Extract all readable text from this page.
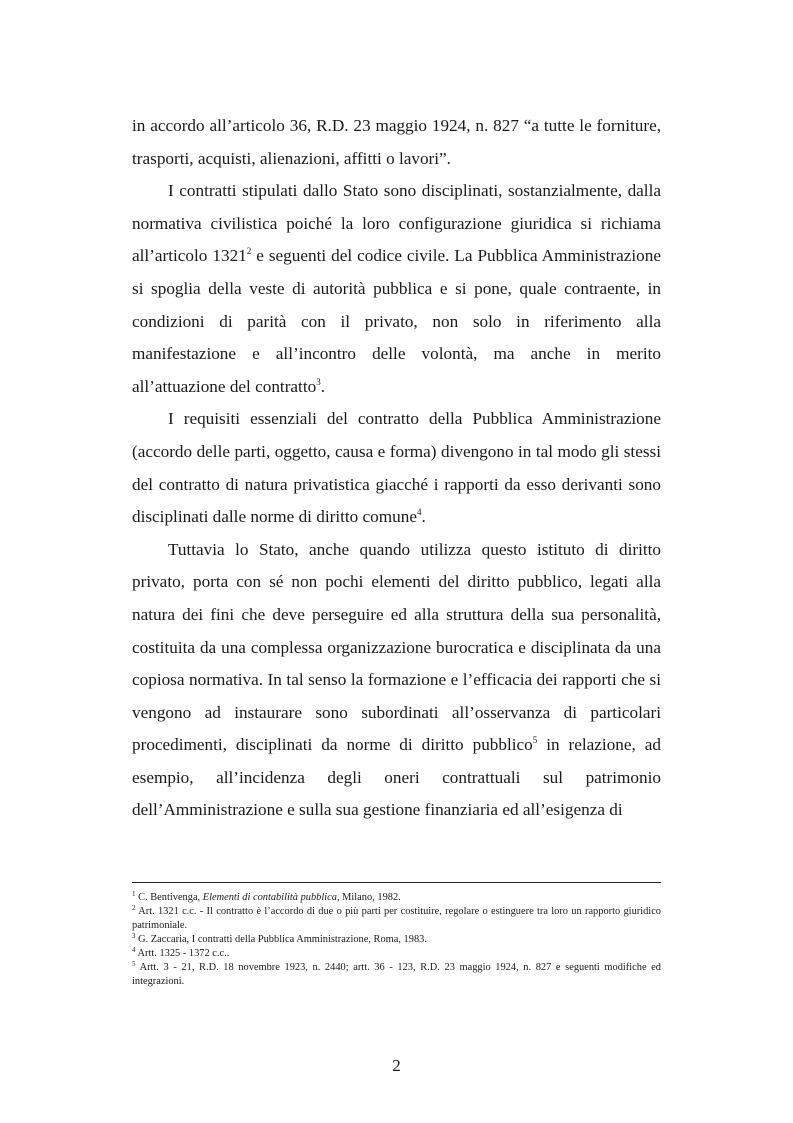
in accordo all’articolo 36, R.D. 23 maggio 1924, n. 827 “a tutte le forniture, trasporti, acquisti, alienazioni, affitti o lavori”.

I contratti stipulati dallo Stato sono disciplinati, sostanzialmente, dalla normativa civilistica poiché la loro configurazione giuridica si richiama all’articolo 1321$^2$ e seguenti del codice civile. La Pubblica Amministrazione si spoglia della veste di autorità pubblica e si pone, quale contraente, in condizioni di parità con il privato, non solo in riferimento alla manifestazione e all’incontro delle volontà, ma anche in merito all’attuazione del contratto$^3$.

I requisiti essenziali del contratto della Pubblica Amministrazione (accordo delle parti, oggetto, causa e forma) divengono in tal modo gli stessi del contratto di natura privatistica giacché i rapporti da esso derivanti sono disciplinati dalle norme di diritto comune$^4$.

Tuttavia lo Stato, anche quando utilizza questo istituto di diritto privato, porta con sé non pochi elementi del diritto pubblico, legati alla natura dei fini che deve perseguire ed alla struttura della sua personalità, costituita da una complessa organizzazione burocratica e disciplinata da una copiosa normativa. In tal senso la formazione e l’efficacia dei rapporti che si vengono ad instaurare sono subordinati all’osservanza di particolari procedimenti, disciplinati da norme di diritto pubblico$^5$ in relazione, ad esempio, all’incidenza degli oneri contrattuali sul patrimonio dell’Amministrazione e sulla sua gestione finanziaria ed all’esigenza di

$^1$ C. Bentivenga, Elementi di contabilità pubblica, Milano, 1982.

$^2$ Art. 1321 c.c. - Il contratto è l’accordo di due o più parti per costituire, regolare o estinguere tra loro un rapporto giuridico patrimoniale.

$^3$ G. Zaccaria, I contratti della Pubblica Amministrazione, Roma, 1983.

$^4$ Artt. 1325 - 1372 c.c..

$^5$ Artt. 3 - 21, R.D. 18 novembre 1923, n. 2440; artt. 36 - 123, R.D. 23 maggio 1924, n. 827 e seguenti modifiche ed integrazioni.

2
